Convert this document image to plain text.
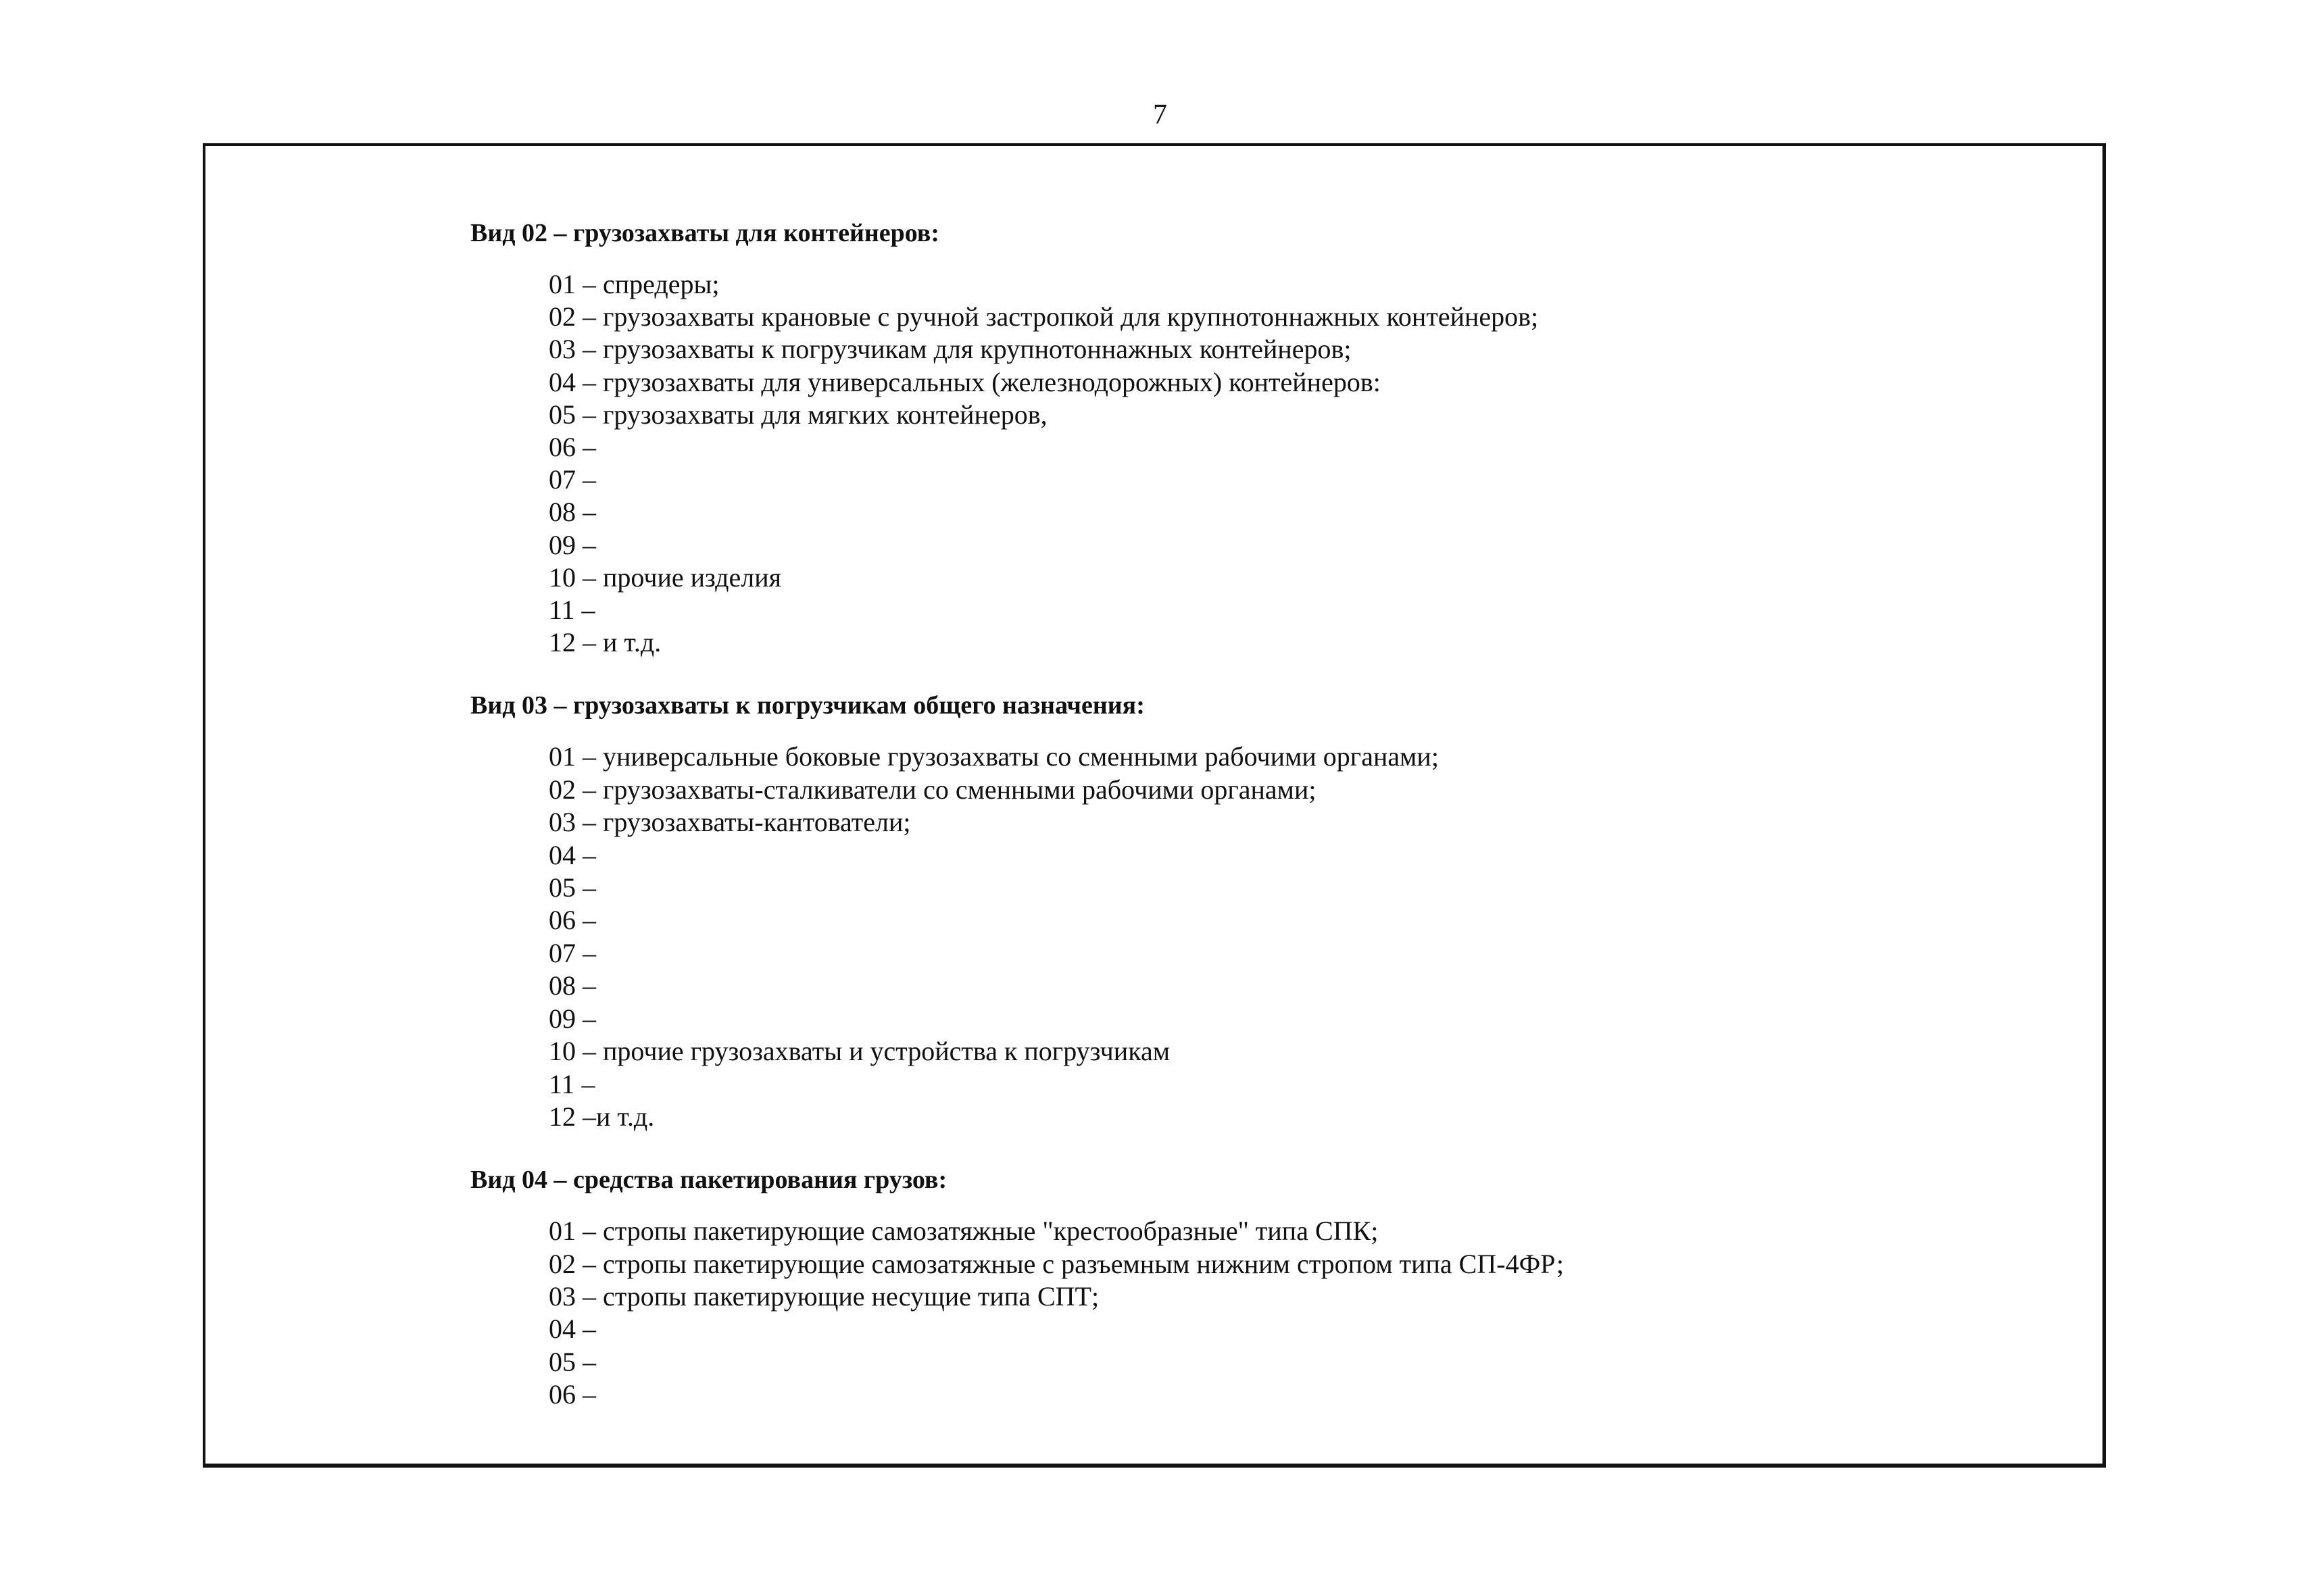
7
Вид 02 – грузозахваты для контейнеров:
01 – спредеры;
02 – грузозахваты крановые с ручной застропкой для крупнотоннажных контейнеров;
03 – грузозахваты к погрузчикам для крупнотоннажных контейнеров;
04 – грузозахваты для универсальных (железнодорожных) контейнеров:
05 – грузозахваты для мягких контейнеров,
06 –
07 –
08 –
09 –
10 – прочие изделия
11 –
12 – и т.д.
Вид 03 – грузозахваты к погрузчикам общего назначения:
01 – универсальные боковые грузозахваты со сменными рабочими органами;
02 – грузозахваты-сталкиватели со сменными рабочими органами;
03 – грузозахваты-кантователи;
04 –
05 –
06 –
07 –
08 –
09 –
10 – прочие грузозахваты и устройства к погрузчикам
11 –
12 –и т.д.
Вид 04 – средства пакетирования грузов:
01 – стропы пакетирующие самозатяжные "крестообразные" типа СПК;
02 – стропы пакетирующие самозатяжные с разъемным нижним стропом типа СП-4ФР;
03 – стропы пакетирующие несущие типа СПТ;
04 –
05 –
06 –
